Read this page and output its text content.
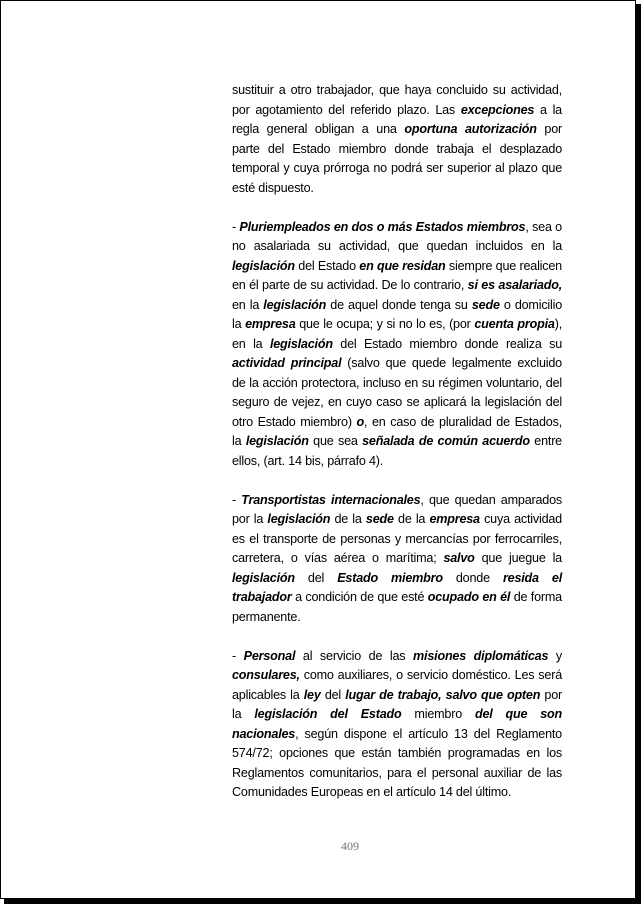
sustituir a otro trabajador, que haya concluido su actividad, por agotamiento del referido plazo. Las excepciones a la regla general obligan a una oportuna autorización por parte del Estado miembro donde trabaja el desplazado temporal y cuya prórroga no podrá ser superior al plazo que esté dispuesto.

- Pluriempleados en dos o más Estados miembros, sea o no asalariada su actividad, que quedan incluidos en la legislación del Estado en que residan siempre que realicen en él parte de su actividad. De lo contrario, si es asalariado, en la legislación de aquel donde tenga su sede o domicilio la empresa que le ocupa; y si no lo es, (por cuenta propia), en la legislación del Estado miembro donde realiza su actividad principal (salvo que quede legalmente excluido de la acción protectora, incluso en su régimen voluntario, del seguro de vejez, en cuyo caso se aplicará la legislación del otro Estado miembro) o, en caso de pluralidad de Estados, la legislación que sea señalada de común acuerdo entre ellos, (art. 14 bis, párrafo 4).

- Transportistas internacionales, que quedan amparados por la legislación de la sede de la empresa cuya actividad es el transporte de personas y mercancías por ferrocarriles, carretera, o vías aérea o marítima; salvo que juegue la legislación del Estado miembro donde resida el trabajador a condición de que esté ocupado en él de forma permanente.

- Personal al servicio de las misiones diplomáticas y consulares, como auxiliares, o servicio doméstico. Les será aplicables la ley del lugar de trabajo, salvo que opten por la legislación del Estado miembro del que son nacionales, según dispone el artículo 13 del Reglamento 574/72; opciones que están también programadas en los Reglamentos comunitarios, para el personal auxiliar de las Comunidades Europeas en el artículo 14 del último.

409
